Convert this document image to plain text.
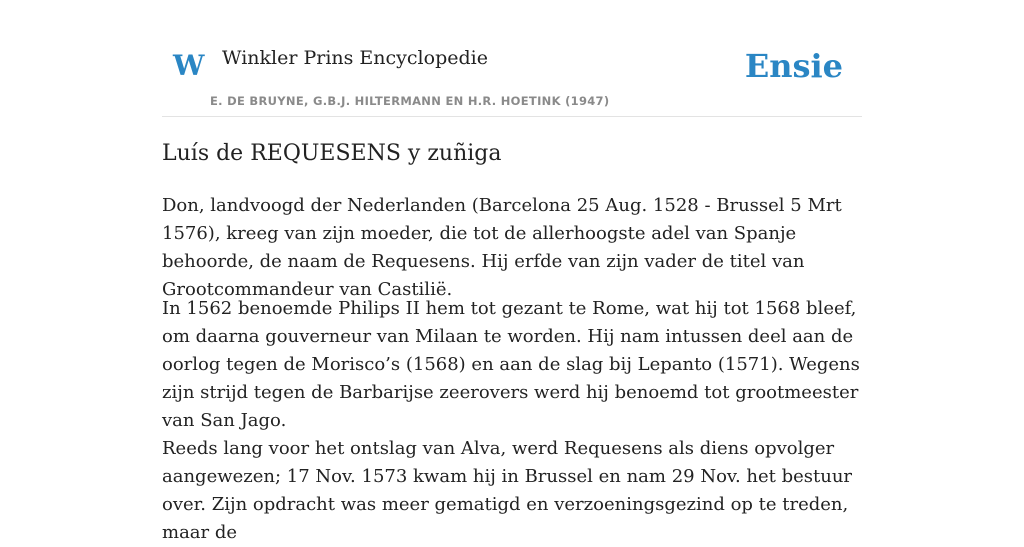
W Winkler Prins Encyclopedie
E. DE BRUYNE, G.B.J. HILTERMANN EN H.R. HOETINK (1947)
Ensie
Luís de REQUESENS y zuñiga

Don, landvoogd der Nederlanden (Barcelona 25 Aug. 1528 - Brussel 5 Mrt 1576), kreeg van zijn moeder, die tot de allerhoogste adel van Spanje behoorde, de naam de Requesens. Hij erfde van zijn vader de titel van Grootcommandeur van Castilië.

In 1562 benoemde Philips II hem tot gezant te Rome, wat hij tot 1568 bleef, om daarna gouverneur van Milaan te worden. Hij nam intussen deel aan de oorlog tegen de Morisco’s (1568) en aan de slag bij Lepanto (1571). Wegens zijn strijd tegen de Barbarijse zeerovers werd hij benoemd tot grootmeester van San Jago.

Reeds lang voor het ontslag van Alva, werd Requesens als diens opvolger aangewezen; 17 Nov. 1573 kwam hij in Brussel en nam 29 Nov. het bestuur over. Zijn opdracht was meer gematigd en verzoeningsgezind op te treden, maar de
